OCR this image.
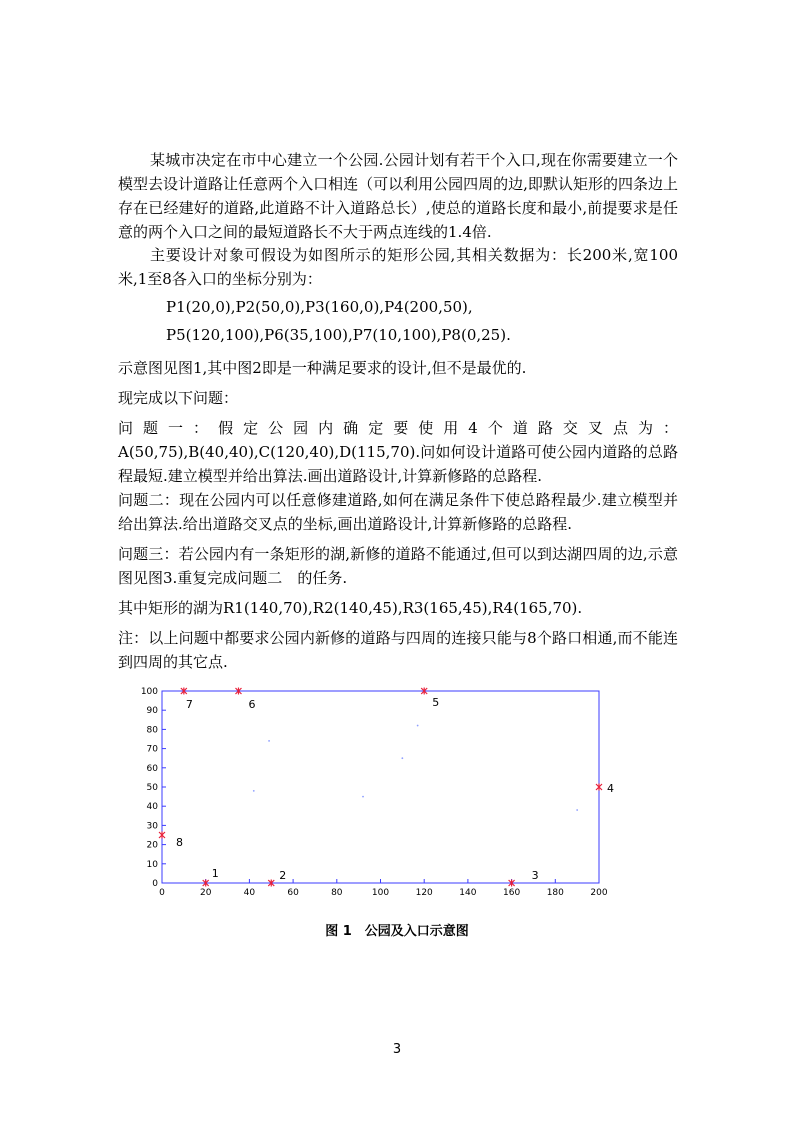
某城市决定在市中心建立一个公园.公园计划有若干个入口,现在你需要建立一个模型去设计道路让任意两个入口相连（可以利用公园四周的边,即默认矩形的四条边上存在已经建好的道路,此道路不计入道路总长）,使总的道路长度和最小,前提要求是任意的两个入口之间的最短道路长不大于两点连线的1.4倍.

主要设计对象可假设为如图所示的矩形公园,其相关数据为：长200米,宽100米,1至8各入口的坐标分别为：

P1(20,0),P2(50,0),P3(160,0),P4(200,50),

P5(120,100),P6(35,100),P7(10,100),P8(0,25).

示意图见图1,其中图2即是一种满足要求的设计,但不是最优的.

现完成以下问题：

问题一：假定公园内确定要使用4个道路交叉点为：A(50,75),B(40,40),C(120,40),D(115,70).问如何设计道路可使公园内道路的总路程最短.建立模型并给出算法.画出道路设计,计算新修路的总路程.

问题二：现在公园内可以任意修建道路,如何在满足条件下使总路程最少.建立模型并给出算法.给出道路交叉点的坐标,画出道路设计,计算新修路的总路程.

问题三：若公园内有一条矩形的湖,新修的道路不能通过,但可以到达湖四周的边,示意图见图3.重复完成问题二　的任务.

其中矩形的湖为R1(140,70),R2(140,45),R3(165,45),R4(165,70).

注：以上问题中都要求公园内新修的道路与四周的连接只能与8个路口相通,而不能连到四周的其它点.

0	20	40	60	80	100	120	140	160	180	200
0
10
20
30
40
50
60
70
80
90
100
1	2	3
4
5
6
7
8
图 1　公园及入口示意图
3
